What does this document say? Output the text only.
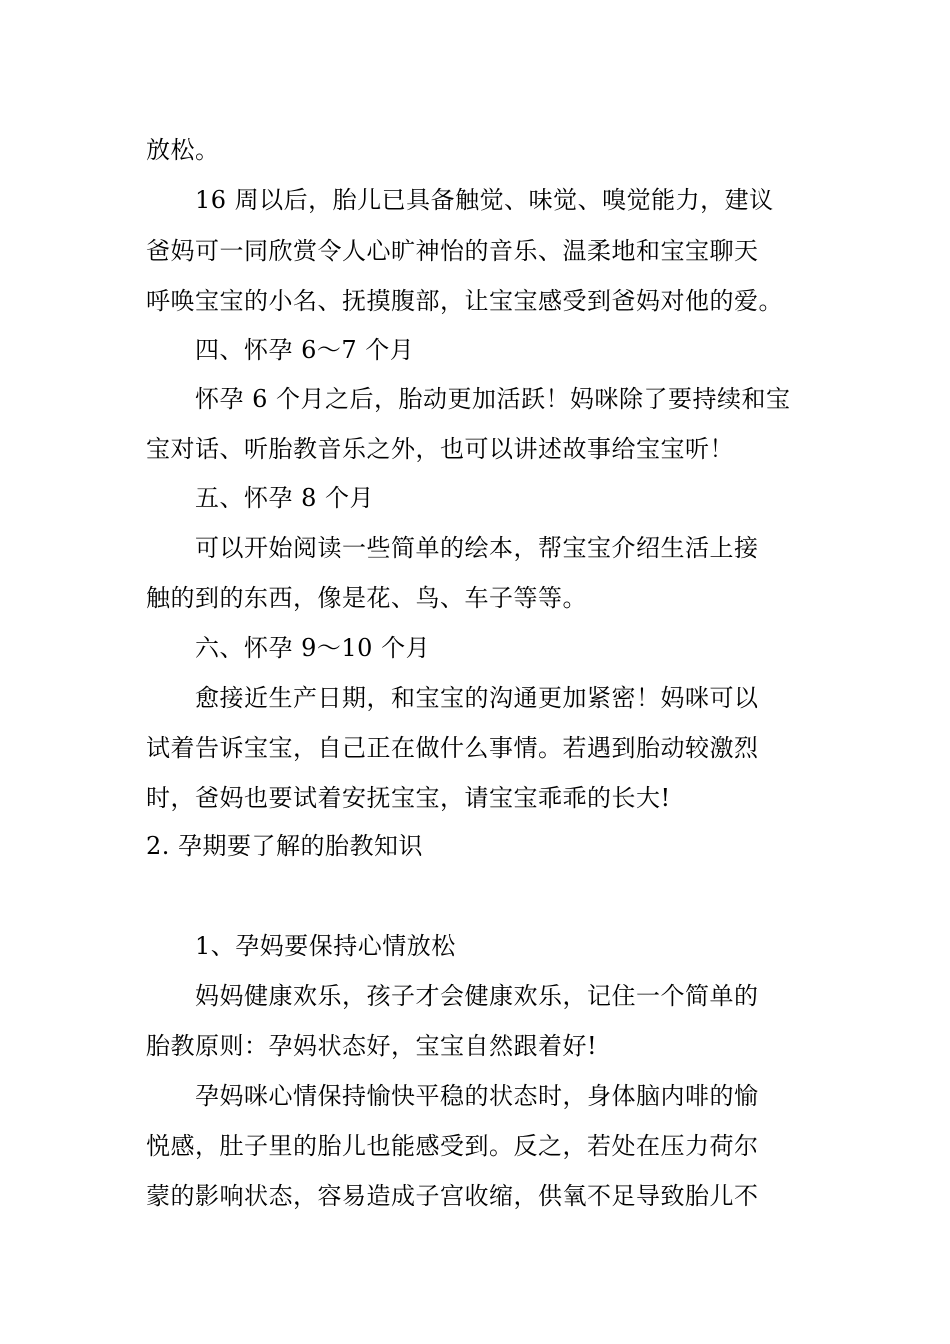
放松。
16 周以后，胎儿已具备触觉、味觉、嗅觉能力，建议
爸妈可一同欣赏令人心旷神怡的音乐、温柔地和宝宝聊天
呼唤宝宝的小名、抚摸腹部，让宝宝感受到爸妈对他的爱。
四、怀孕 6～7 个月
怀孕 6 个月之后，胎动更加活跃！妈咪除了要持续和宝
宝对话、听胎教音乐之外，也可以讲述故事给宝宝听！
五、怀孕 8 个月
可以开始阅读一些简单的绘本，帮宝宝介绍生活上接
触的到的东西，像是花、鸟、车子等等。
六、怀孕 9～10 个月
愈接近生产日期，和宝宝的沟通更加紧密！妈咪可以
试着告诉宝宝，自己正在做什么事情。若遇到胎动较激烈
时，爸妈也要试着安抚宝宝，请宝宝乖乖的长大!
2. 孕期要了解的胎教知识
1、孕妈要保持心情放松
妈妈健康欢乐，孩子才会健康欢乐，记住一个简单的
胎教原则：孕妈状态好，宝宝自然跟着好!
孕妈咪心情保持愉快平稳的状态时，身体脑内啡的愉
悦感，肚子里的胎儿也能感受到。反之，若处在压力荷尔
蒙的影响状态，容易造成子宫收缩，供氧不足导致胎儿不
